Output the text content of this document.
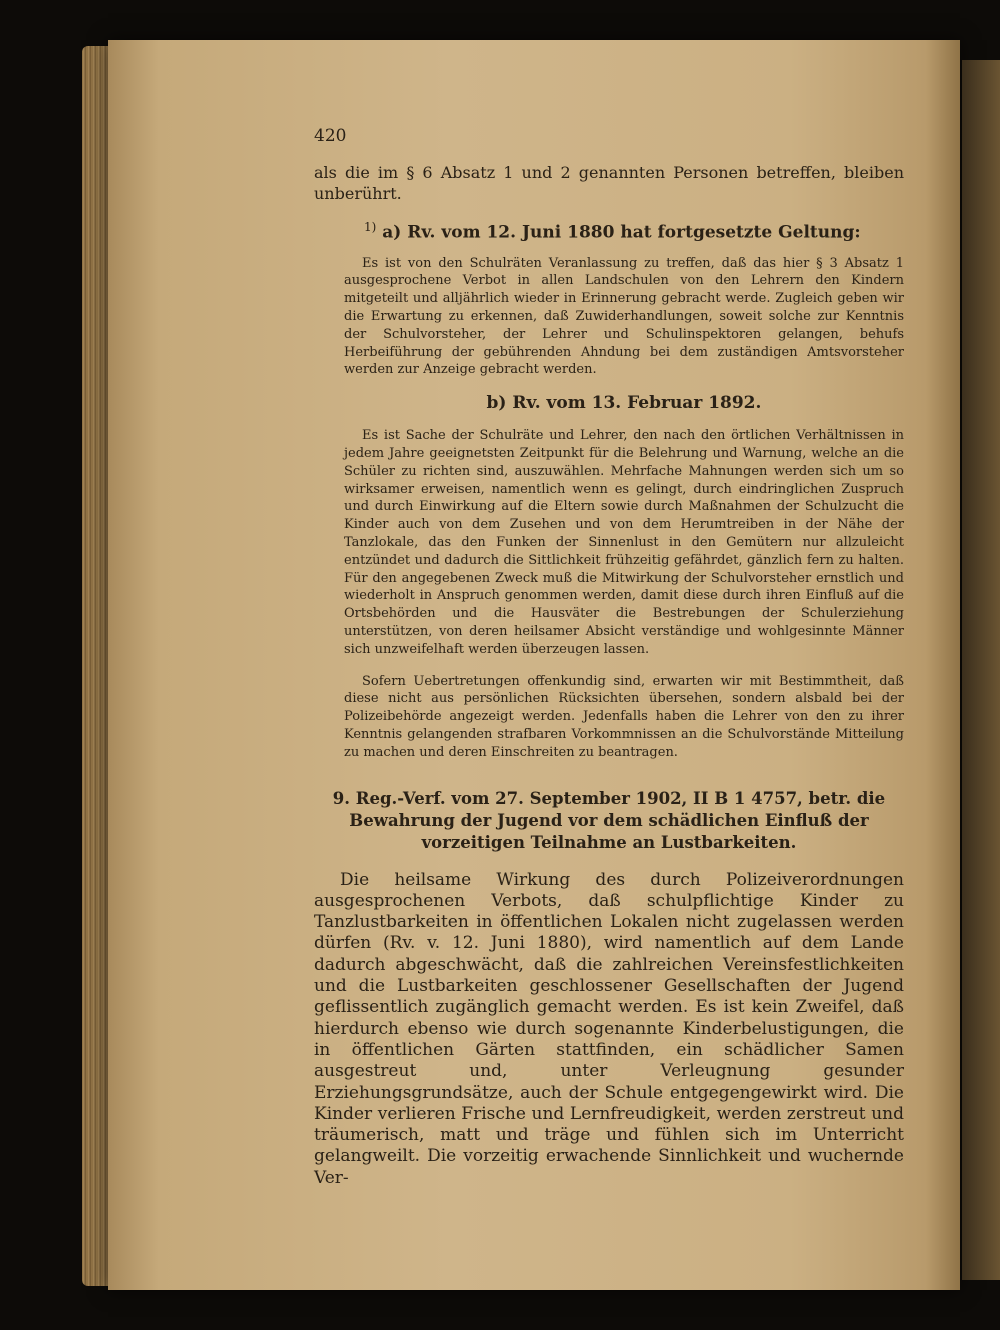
420

als die im § 6 Absatz 1 und 2 genannten Personen betreffen, bleiben unberührt.

$^{1)}$ a) Rv. vom 12. Juni 1880 hat fortgesetzte Geltung:

Es ist von den Schulräten Veranlassung zu treffen, daß das hier § 3 Absatz 1 ausgesprochene Verbot in allen Landschulen von den Lehrern den Kindern mitgeteilt und alljährlich wieder in Erinnerung gebracht werde. Zugleich geben wir die Erwartung zu erkennen, daß Zuwiderhandlungen, soweit solche zur Kenntnis der Schulvorsteher, der Lehrer und Schulinspektoren gelangen, behufs Herbeiführung der gebührenden Ahndung bei dem zuständigen Amtsvorsteher werden zur Anzeige gebracht werden.

b) Rv. vom 13. Februar 1892.

Es ist Sache der Schulräte und Lehrer, den nach den örtlichen Verhältnissen in jedem Jahre geeignetsten Zeitpunkt für die Belehrung und Warnung, welche an die Schüler zu richten sind, auszuwählen. Mehrfache Mahnungen werden sich um so wirksamer erweisen, namentlich wenn es gelingt, durch eindringlichen Zuspruch und durch Einwirkung auf die Eltern sowie durch Maßnahmen der Schulzucht die Kinder auch von dem Zusehen und von dem Herumtreiben in der Nähe der Tanzlokale, das den Funken der Sinnenlust in den Gemütern nur allzuleicht entzündet und dadurch die Sittlichkeit frühzeitig gefährdet, gänzlich fern zu halten. Für den angegebenen Zweck muß die Mitwirkung der Schulvorsteher ernstlich und wiederholt in Anspruch genommen werden, damit diese durch ihren Einfluß auf die Ortsbehörden und die Hausväter die Bestrebungen der Schulerziehung unterstützen, von deren heilsamer Absicht verständige und wohlgesinnte Männer sich unzweifelhaft werden überzeugen lassen.

Sofern Uebertretungen offenkundig sind, erwarten wir mit Bestimmtheit, daß diese nicht aus persönlichen Rücksichten übersehen, sondern alsbald bei der Polizeibehörde angezeigt werden. Jedenfalls haben die Lehrer von den zu ihrer Kenntnis gelangenden strafbaren Vorkommnissen an die Schulvorstände Mitteilung zu machen und deren Einschreiten zu beantragen.

9. Reg.-Verf. vom 27. September 1902, II B 1 4757, betr. die Bewahrung der Jugend vor dem schädlichen Einfluß der vorzeitigen Teilnahme an Lustbarkeiten.

Die heilsame Wirkung des durch Polizeiverordnungen ausgesprochenen Verbots, daß schulpflichtige Kinder zu Tanzlustbarkeiten in öffentlichen Lokalen nicht zugelassen werden dürfen (Rv. v. 12. Juni 1880), wird namentlich auf dem Lande dadurch abgeschwächt, daß die zahlreichen Vereinsfestlichkeiten und die Lustbarkeiten geschlossener Gesellschaften der Jugend geflissentlich zugänglich gemacht werden. Es ist kein Zweifel, daß hierdurch ebenso wie durch sogenannte Kinderbelustigungen, die in öffentlichen Gärten stattfinden, ein schädlicher Samen ausgestreut und, unter Verleugnung gesunder Erziehungsgrundsätze, auch der Schule entgegengewirkt wird. Die Kinder verlieren Frische und Lernfreudigkeit, werden zerstreut und träumerisch, matt und träge und fühlen sich im Unterricht gelangweilt. Die vorzeitig erwachende Sinnlichkeit und wuchernde Ver-
